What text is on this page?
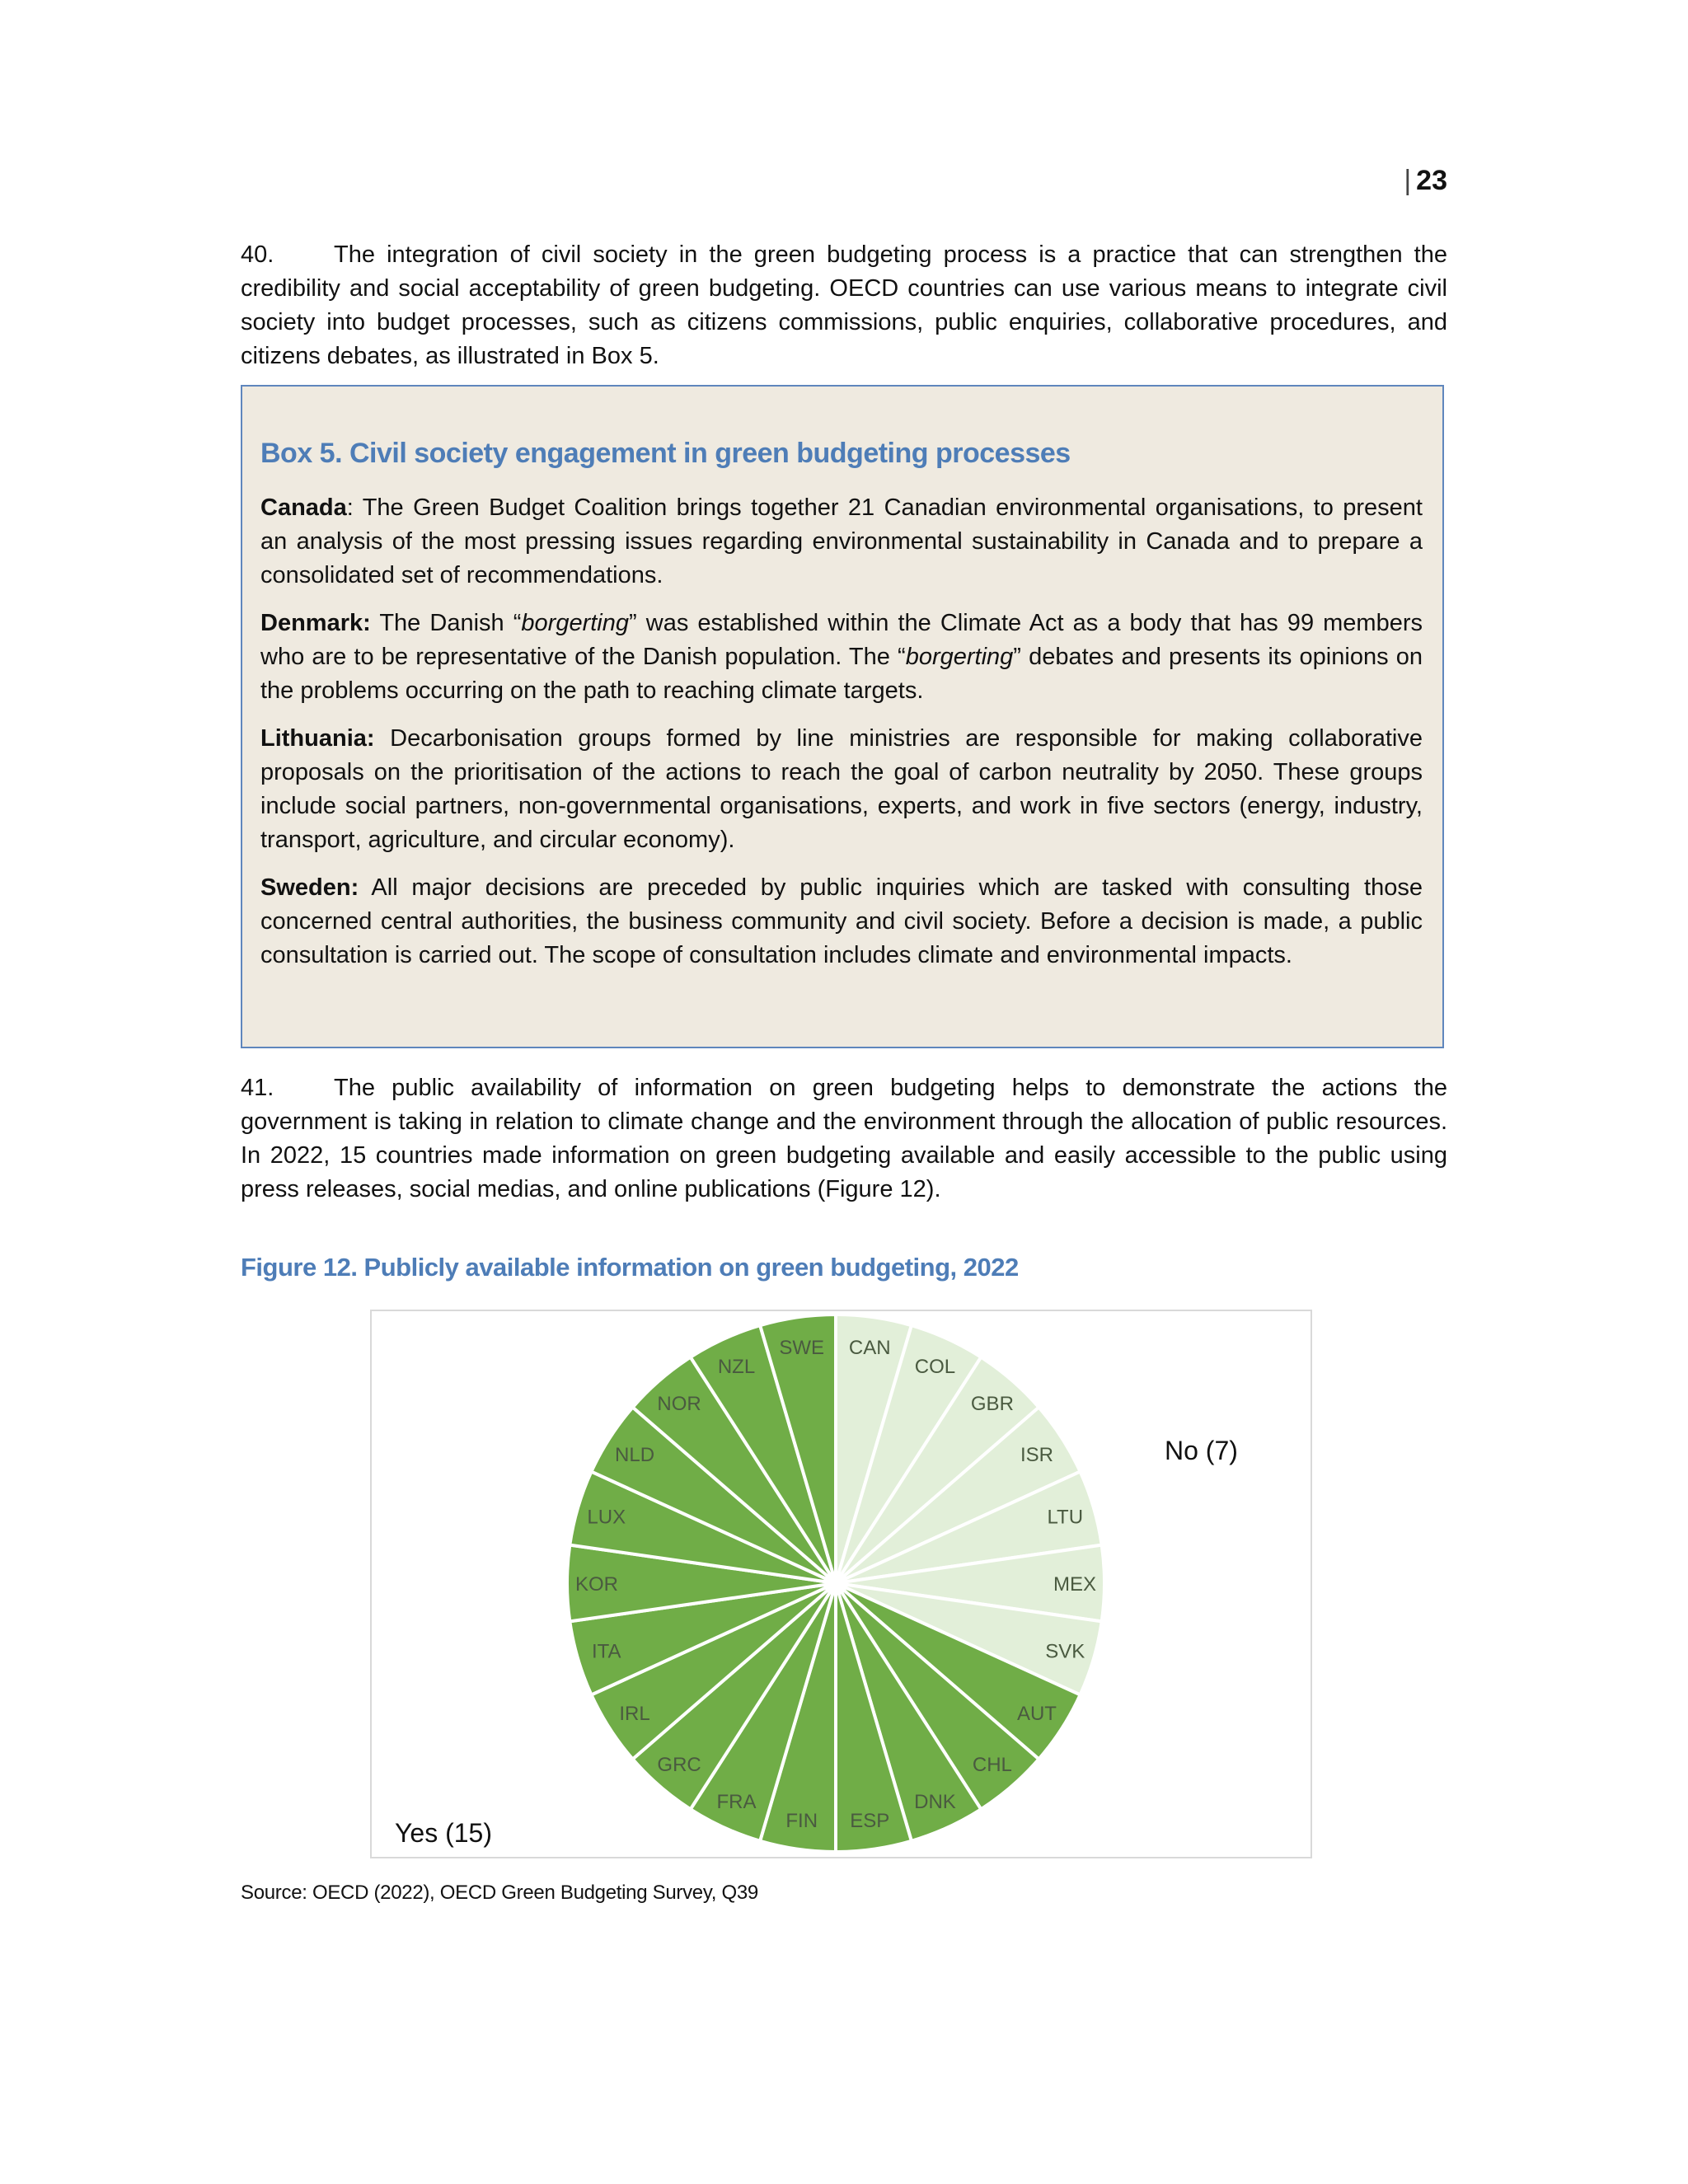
| 23

40.	The integration of civil society in the green budgeting process is a practice that can strengthen the credibility and social acceptability of green budgeting. OECD countries can use various means to integrate civil society into budget processes, such as citizens commissions, public enquiries, collaborative procedures, and citizens debates, as illustrated in Box 5.

Box 5. Civil society engagement in green budgeting processes

Canada: The Green Budget Coalition brings together 21 Canadian environmental organisations, to present an analysis of the most pressing issues regarding environmental sustainability in Canada and to prepare a consolidated set of recommendations.

Denmark: The Danish “borgerting” was established within the Climate Act as a body that has 99 members who are to be representative of the Danish population. The “borgerting” debates and presents its opinions on the problems occurring on the path to reaching climate targets.

Lithuania: Decarbonisation groups formed by line ministries are responsible for making collaborative proposals on the prioritisation of the actions to reach the goal of carbon neutrality by 2050. These groups include social partners, non-governmental organisations, experts, and work in five sectors (energy, industry, transport, agriculture, and circular economy).

Sweden: All major decisions are preceded by public inquiries which are tasked with consulting those concerned central authorities, the business community and civil society. Before a decision is made, a public consultation is carried out. The scope of consultation includes climate and environmental impacts.

41.	The public availability of information on green budgeting helps to demonstrate the actions the government is taking in relation to climate change and the environment through the allocation of public resources. In 2022, 15 countries made information on green budgeting available and easily accessible to the public using press releases, social medias, and online publications (Figure 12).

Figure 12. Publicly available information on green budgeting, 2022
CAN
COL
GBR
ISR
LTU
MEX
SVK
AUT
CHL
DNK
ESP
FIN
FRA
GRC
IRL
ITA
KOR
LUX
NLD
NOR
NZL
SWE
No (7)
Yes (15)
Source: OECD (2022), OECD Green Budgeting Survey, Q39
